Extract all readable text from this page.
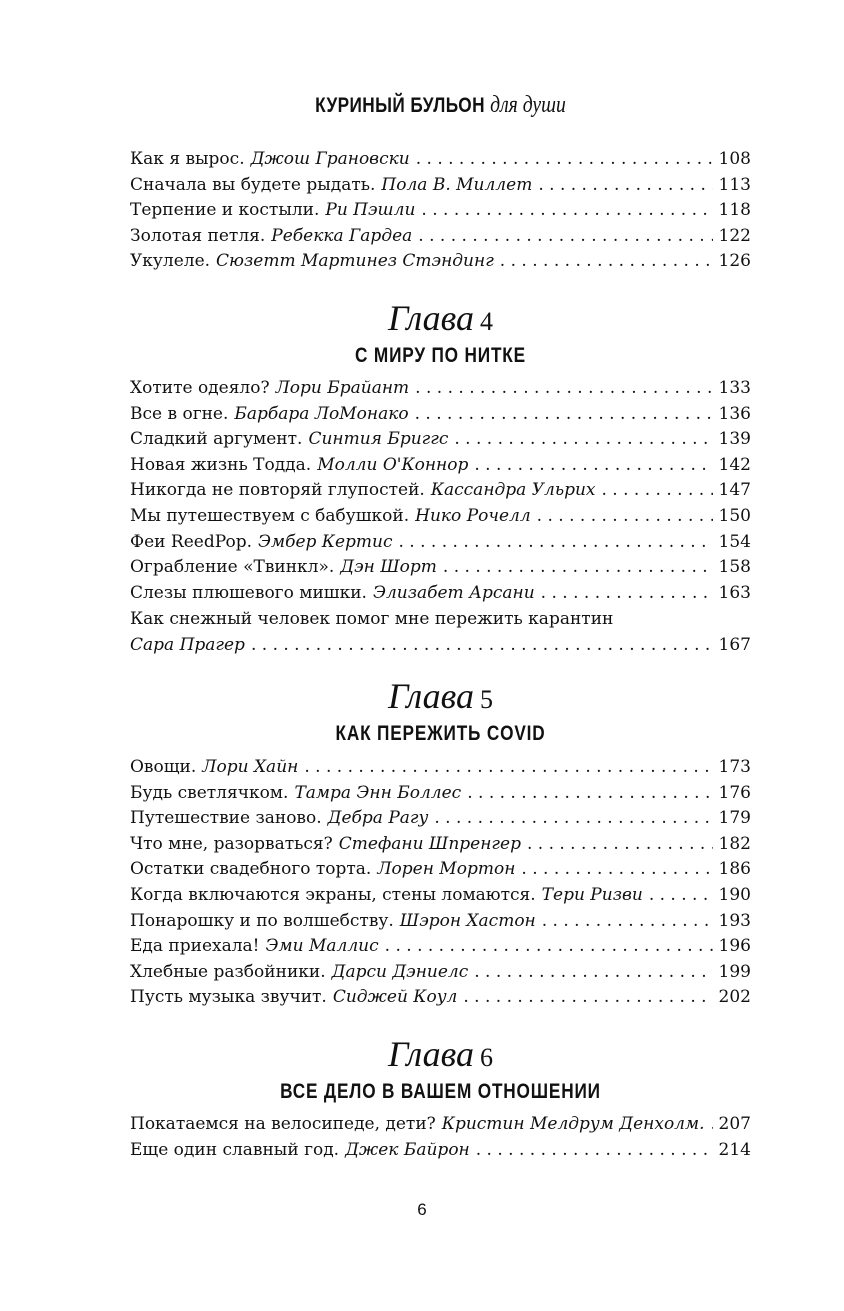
КУРИНЫЙ БУЛЬОН для души
Как я вырос. Джош Грановски . . .	108
Сначала вы будете рыдать. Пола В. Миллет . . .	113
Терпение и костыли. Ри Пэшли . . .	118
Золотая петля. Ребекка Гардеа . . .	122
Укулеле. Сюзетт Мартинез Стэндинг . . .	126
Глава 4
С МИРУ ПО НИТКЕ
Хотите одеяло? Лори Брайант . . .	133
Все в огне. Барбара ЛоМонако . . .	136
Сладкий аргумент. Синтия Бриггс . . .	139
Новая жизнь Тодда. Молли О'Коннор . . .	142
Никогда не повторяй глупостей. Кассандра Ульрих . . .	147
Мы путешествуем с бабушкой. Нико Рочелл . . .	150
Феи ReedPop. Эмбер Кертис . . .	154
Ограбление «Твинкл». Дэн Шорт . . .	158
Слезы плюшевого мишки. Элизабет Арсани . . .	163
Как снежный человек помог мне пережить карантин
Сара Прагер . . .	167
Глава 5
КАК ПЕРЕЖИТЬ COVID
Овощи. Лори Хайн . . .	173
Будь светлячком. Тамра Энн Боллес . . .	176
Путешествие заново. Дебра Рагу . . .	179
Что мне, разорваться? Стефани Шпренгер . . .	182
Остатки свадебного торта. Лорен Мортон . . .	186
Когда включаются экраны, стены ломаются. Тери Ризви . . .	190
Понарошку и по волшебству. Шэрон Хастон . . .	193
Еда приехала! Эми Маллис . . .	196
Хлебные разбойники. Дарси Дэниелс . . .	199
Пусть музыка звучит. Сиджей Коул . . .	202
Глава 6
ВСЕ ДЕЛО В ВАШЕМ ОТНОШЕНИИ
Покатаемся на велосипеде, дети? Кристин Мелдрум Денхолм. . . . 207
Еще один славный год. Джек Байрон . . .	214
6
